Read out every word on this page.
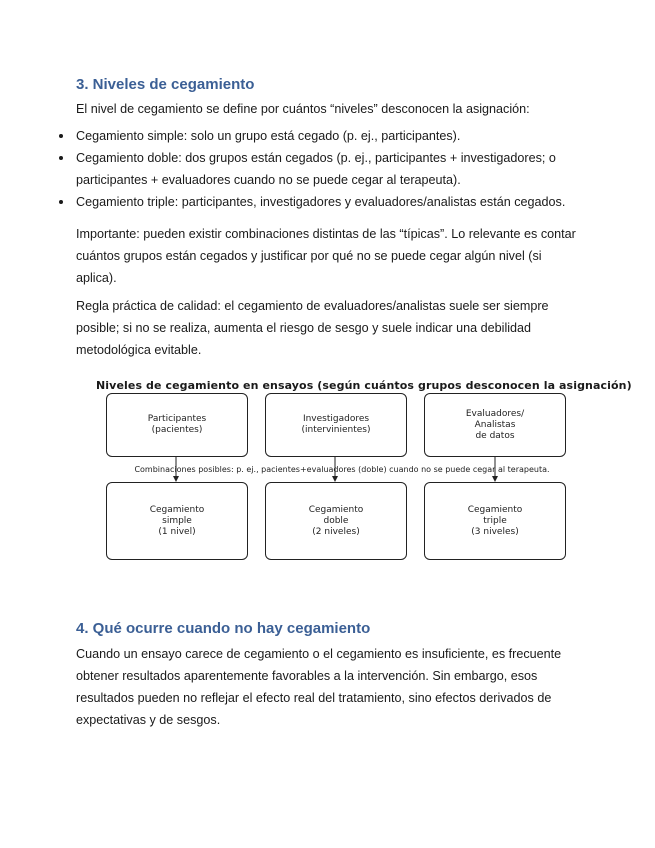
3. Niveles de cegamiento

El nivel de cegamiento se define por cuántos “niveles” desconocen la asignación:

Cegamiento simple: solo un grupo está cegado (p. ej., participantes).
Cegamiento doble: dos grupos están cegados (p. ej., participantes + investigadores; o participantes + evaluadores cuando no se puede cegar al terapeuta).
Cegamiento triple: participantes, investigadores y evaluadores/analistas están cegados.

Importante: pueden existir combinaciones distintas de las “típicas”. Lo relevante es contar cuántos grupos están cegados y justificar por qué no se puede cegar algún nivel (si aplica).

Regla práctica de calidad: el cegamiento de evaluadores/analistas suele ser siempre posible; si no se realiza, aumenta el riesgo de sesgo y suele indicar una debilidad metodológica evitable.

Niveles de cegamiento en ensayos (según cuántos grupos desconocen la asignación)
Participantes
(pacientes)
Investigadores
(intervinientes)
Evaluadores/
Analistas
de datos
Combinaciones posibles: p. ej., pacientes+evaluadores (doble) cuando no se puede cegar al terapeuta.
Cegamiento
simple
(1 nivel)
Cegamiento
doble
(2 niveles)
Cegamiento
triple
(3 niveles)
4. Qué ocurre cuando no hay cegamiento

Cuando un ensayo carece de cegamiento o el cegamiento es insuficiente, es frecuente obtener resultados aparentemente favorables a la intervención. Sin embargo, esos resultados pueden no reflejar el efecto real del tratamiento, sino efectos derivados de expectativas y de sesgos.
